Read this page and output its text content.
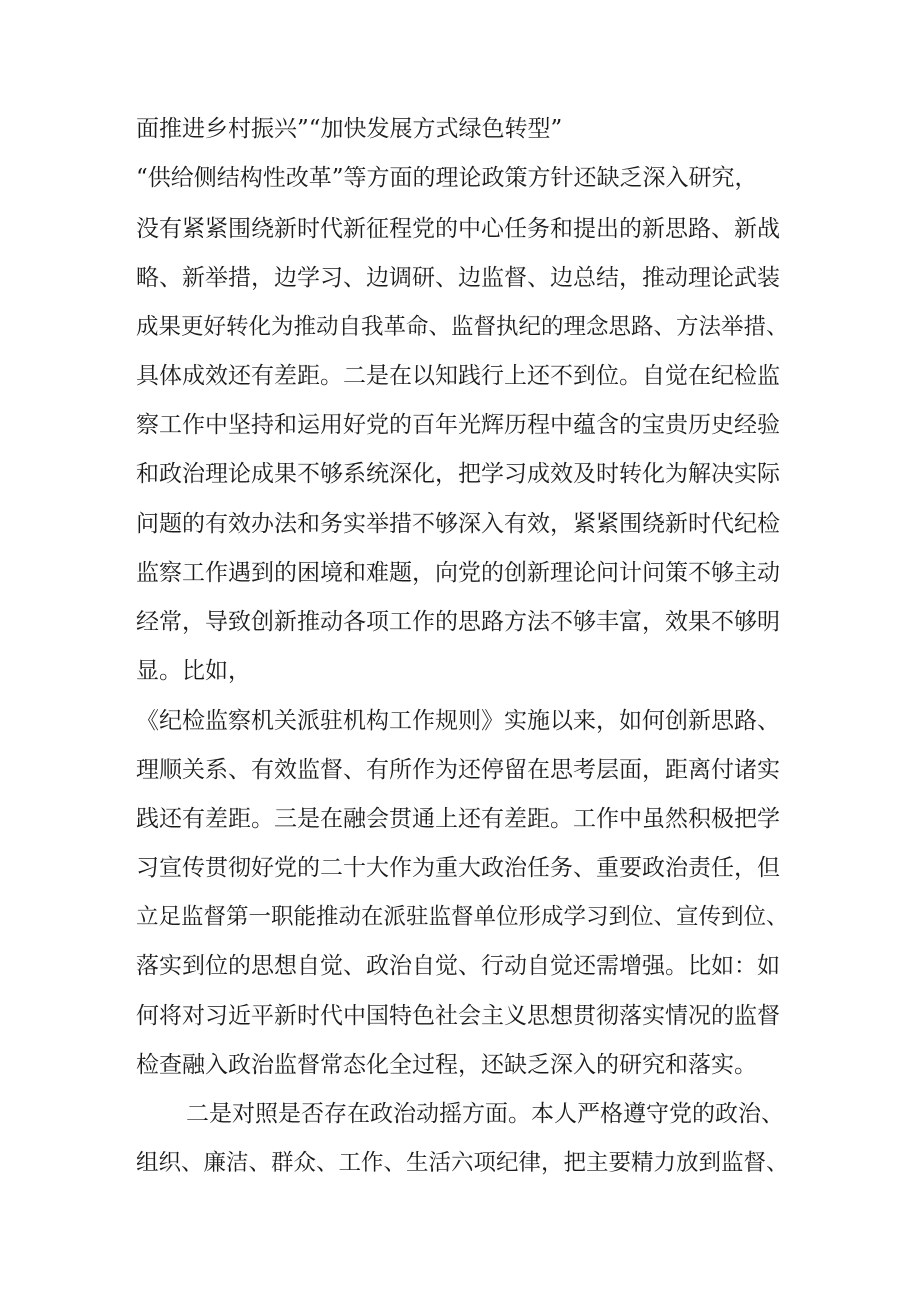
面推进乡村振兴”“加快发展方式绿色转型”
“供给侧结构性改革”等方面的理论政策方针还缺乏深入研究，
没有紧紧围绕新时代新征程党的中心任务和提出的新思路、新战
略、新举措，边学习、边调研、边监督、边总结，推动理论武装
成果更好转化为推动自我革命、监督执纪的理念思路、方法举措、
具体成效还有差距。二是在以知践行上还不到位。自觉在纪检监
察工作中坚持和运用好党的百年光辉历程中蕴含的宝贵历史经验
和政治理论成果不够系统深化，把学习成效及时转化为解决实际
问题的有效办法和务实举措不够深入有效，紧紧围绕新时代纪检
监察工作遇到的困境和难题，向党的创新理论问计问策不够主动
经常，导致创新推动各项工作的思路方法不够丰富，效果不够明
显。比如，
《纪检监察机关派驻机构工作规则》实施以来，如何创新思路、
理顺关系、有效监督、有所作为还停留在思考层面，距离付诸实
践还有差距。三是在融会贯通上还有差距。工作中虽然积极把学
习宣传贯彻好党的二十大作为重大政治任务、重要政治责任，但
立足监督第一职能推动在派驻监督单位形成学习到位、宣传到位、
落实到位的思想自觉、政治自觉、行动自觉还需增强。比如：如
何将对习近平新时代中国特色社会主义思想贯彻落实情况的监督
检查融入政治监督常态化全过程，还缺乏深入的研究和落实。
二是对照是否存在政治动摇方面。本人严格遵守党的政治、
组织、廉洁、群众、工作、生活六项纪律，把主要精力放到监督、
